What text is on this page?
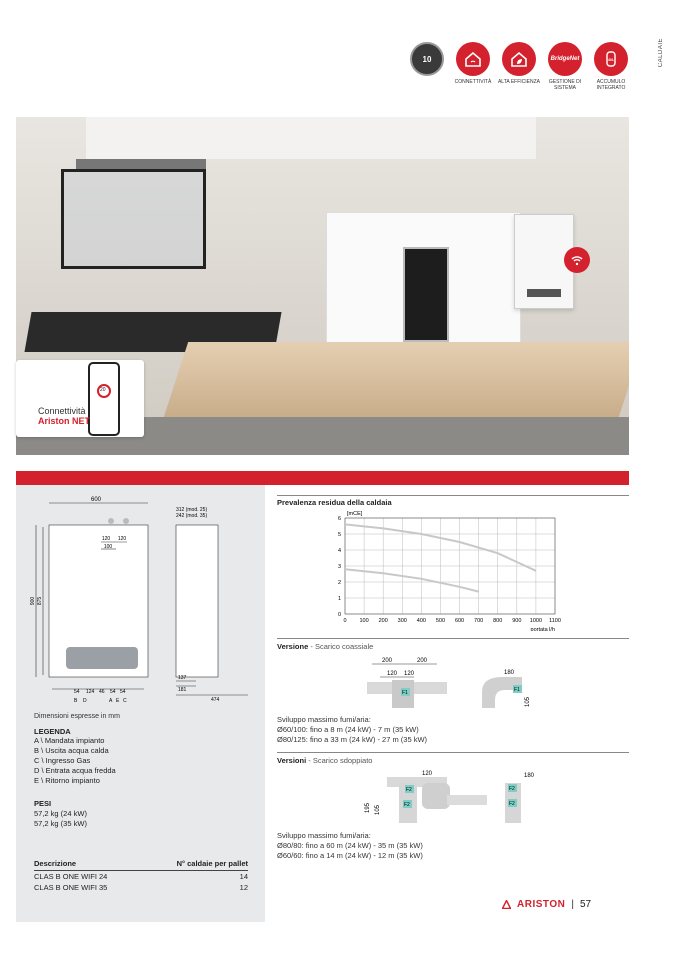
CALDAIE
10
CONNETTIVITÀ	ALTA EFFICIENZA
BridgeNet
GESTIONE DI SISTEMA
40L
ACCUMULO INTEGRATO
20
Connettività
Ariston NET
600
312 (mod. 25)
242 (mod. 35)
120 120
100
900 875
54 124 46 54 54
B D	A E C
137
181
474
Dimensioni espresse in mm
LEGENDA
A \ Mandata impianto
B \ Uscita acqua calda
C \ Ingresso Gas
D \ Entrata acqua fredda
E \ Ritorno impianto
PESI
57,2 kg (24 kW)
57,2 kg (35 kW)
Descrizione	N° caldaie per pallet
CLAS B ONE WIFI 24	14
CLAS B ONE WIFI 35	12
Prevalenza residua della caldaia
0 100 200 300 400 500 600 700 800 900 1000 1100
0
1
2
3
4
5
6
[mCE]
portata l/h
Versione - Scarico coassiale
200	200
120 120	180
105
F1	F1
Sviluppo massimo fumi/aria:
Ø60/100: fino a 8 m (24 kW) - 7 m (35 kW)
Ø80/125: fino a 33 m (24 kW) - 27 m (35 kW)
Versioni - Scarico sdoppiato
120	180
195 105
F2
F2
F2
F2
Sviluppo massimo fumi/aria:
Ø80/80: fino a 60 m (24 kW) - 35 m (35 kW)
Ø60/60: fino a 14 m (24 kW) - 12 m (35 kW)
ARISTON | 57
